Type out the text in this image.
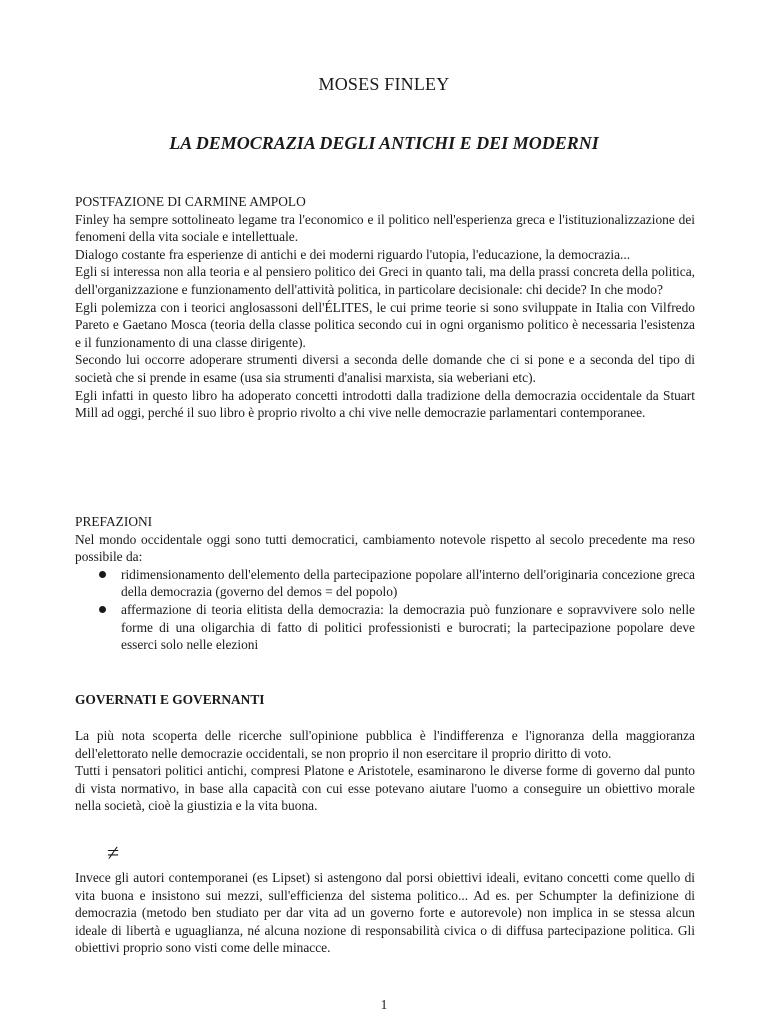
MOSES FINLEY
LA DEMOCRAZIA DEGLI ANTICHI E DEI MODERNI
POSTFAZIONE DI CARMINE AMPOLO

Finley ha sempre sottolineato legame tra l'economico e il politico nell'esperienza greca e l'istituzionalizzazione dei fenomeni della vita sociale e intellettuale.

Dialogo costante fra esperienze di antichi e dei moderni riguardo l'utopia, l'educazione, la democrazia...

Egli si interessa non alla teoria e al pensiero politico dei Greci in quanto tali, ma della prassi concreta della politica, dell'organizzazione e funzionamento dell'attività politica, in particolare decisionale: chi decide? In che modo?

Egli polemizza con i teorici anglosassoni dell'ÉLITES, le cui prime teorie si sono sviluppate in Italia con Vilfredo Pareto e Gaetano Mosca (teoria della classe politica secondo cui in ogni organismo politico è necessaria l'esistenza e il funzionamento di una classe dirigente).

Secondo lui occorre adoperare strumenti diversi a seconda delle domande che ci si pone e a seconda del tipo di società che si prende in esame (usa sia strumenti d'analisi marxista, sia weberiani etc).

Egli infatti in questo libro ha adoperato concetti introdotti dalla tradizione della democrazia occidentale da Stuart Mill ad oggi, perché il suo libro è proprio rivolto a chi vive nelle democrazie parlamentari contemporanee.

PREFAZIONI

Nel mondo occidentale oggi sono tutti democratici, cambiamento notevole rispetto al secolo precedente ma reso possibile da:

ridimensionamento dell'elemento della partecipazione popolare all'interno dell'originaria concezione greca della democrazia (governo del demos = del popolo)
affermazione di teoria elitista della democrazia: la democrazia può funzionare e sopravvivere solo nelle forme di una oligarchia di fatto di politici professionisti e burocrati; la partecipazione popolare deve esserci solo nelle elezioni
GOVERNATI E GOVERNANTI

La più nota scoperta delle ricerche sull'opinione pubblica è l'indifferenza e l'ignoranza della maggioranza dell'elettorato nelle democrazie occidentali, se non proprio il non esercitare il proprio diritto di voto.

Tutti i pensatori politici antichi, compresi Platone e Aristotele, esaminarono le diverse forme di governo dal punto di vista normativo, in base alla capacità con cui esse potevano aiutare l'uomo a conseguire un obiettivo morale nella società, cioè la giustizia e la vita buona.

≠

Invece gli autori contemporanei (es Lipset) si astengono dal porsi obiettivi ideali, evitano concetti come quello di vita buona e insistono sui mezzi, sull'efficienza del sistema politico... Ad es. per Schumpter la definizione di democrazia (metodo ben studiato per dar vita ad un governo forte e autorevole) non implica in se stessa alcun ideale di libertà e uguaglianza, né alcuna nozione di responsabilità civica o di diffusa partecipazione politica. Gli obiettivi proprio sono visti come delle minacce.

1
